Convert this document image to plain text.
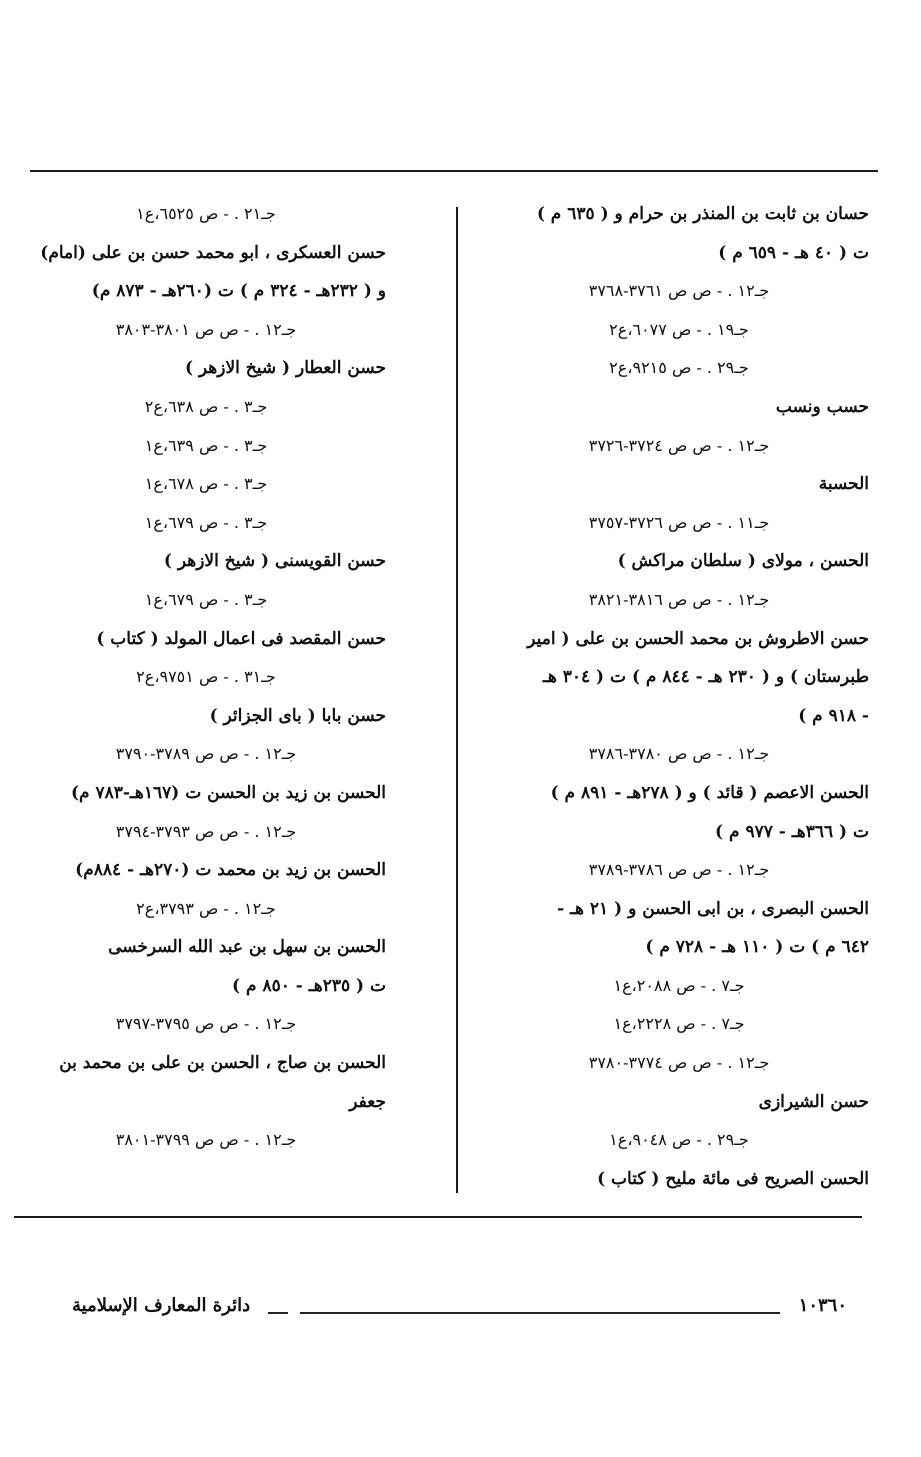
حسان بن ثابت بن المنذر بن حرام و ( ٦٣٥ م )
ت ( ٤٠ هـ - ٦٥٩ م )
جـ١٢ . - ص ص ٣٧٦١-٣٧٦٨
جـ١٩ . - ص ٦٠٧٧،ع٢
جـ٢٩ . - ص ٩٢١٥،ع٢
حسب ونسب
جـ١٢ . - ص ص ٣٧٢٤-٣٧٢٦
الحسبة
جـ١١ . - ص ص ٣٧٢٦-٣٧٥٧
الحسن ، مولاى ( سلطان مراكش )
جـ١٢ . - ص ص ٣٨١٦-٣٨٢١
حسن الاطروش بن محمد الحسن بن على ( امير
طبرستان ) و ( ٢٣٠ هـ - ٨٤٤ م ) ت ( ٣٠٤ هـ
- ٩١٨ م )
جـ١٢ . - ص ص ٣٧٨٠-٣٧٨٦
الحسن الاعصم ( قائد ) و ( ٢٧٨هـ - ٨٩١ م )
ت ( ٣٦٦هـ - ٩٧٧ م )
جـ١٢ . - ص ص ٣٧٨٦-٣٧٨٩
الحسن البصرى ، بن ابى الحسن و ( ٢١ هـ -
٦٤٢ م ) ت ( ١١٠ هـ - ٧٢٨ م )
جـ٧ . - ص ٢٠٨٨،ع١
جـ٧ . - ص ٢٢٢٨،ع١
جـ١٢ . - ص ص ٣٧٧٤-٣٧٨٠
حسن الشيرازى
جـ٢٩ . - ص ٩٠٤٨،ع١
الحسن الصريح فى مائة مليح ( كتاب )
جـ٢١ . - ص ٦٥٢٥،ع١
حسن العسكرى ، ابو محمد حسن بن على (امام)
و ( ٢٣٢هـ - ٣٢٤ م ) ت (٢٦٠هـ - ٨٧٣ م)
جـ١٢ . - ص ص ٣٨٠١-٣٨٠٣
حسن العطار ( شيخ الازهر )
جـ٣ . - ص ٦٣٨،ع٢
جـ٣ . - ص ٦٣٩،ع١
جـ٣ . - ص ٦٧٨،ع١
جـ٣ . - ص ٦٧٩،ع١
حسن القويسنى ( شيخ الازهر )
جـ٣ . - ص ٦٧٩،ع١
حسن المقصد فى اعمال المولد ( كتاب )
جـ٣١ . - ص ٩٧٥١،ع٢
حسن بابا ( باى الجزائر )
جـ١٢ . - ص ص ٣٧٨٩-٣٧٩٠
الحسن بن زيد بن الحسن ت (١٦٧هـ-٧٨٣ م)
جـ١٢ . - ص ص ٣٧٩٣-٣٧٩٤
الحسن بن زيد بن محمد ت (٢٧٠هـ - ٨٨٤م)
جـ١٢ . - ص ٣٧٩٣،ع٢
الحسن بن سهل بن عبد الله السرخسى
ت ( ٢٣٥هـ - ٨٥٠ م )
جـ١٢ . - ص ص ٣٧٩٥-٣٧٩٧
الحسن بن صاج ، الحسن بن على بن محمد بن
جعفر
جـ١٢ . - ص ص ٣٧٩٩-٣٨٠١
دائرة المعارف الإسلامية	١٠٣٦٠
